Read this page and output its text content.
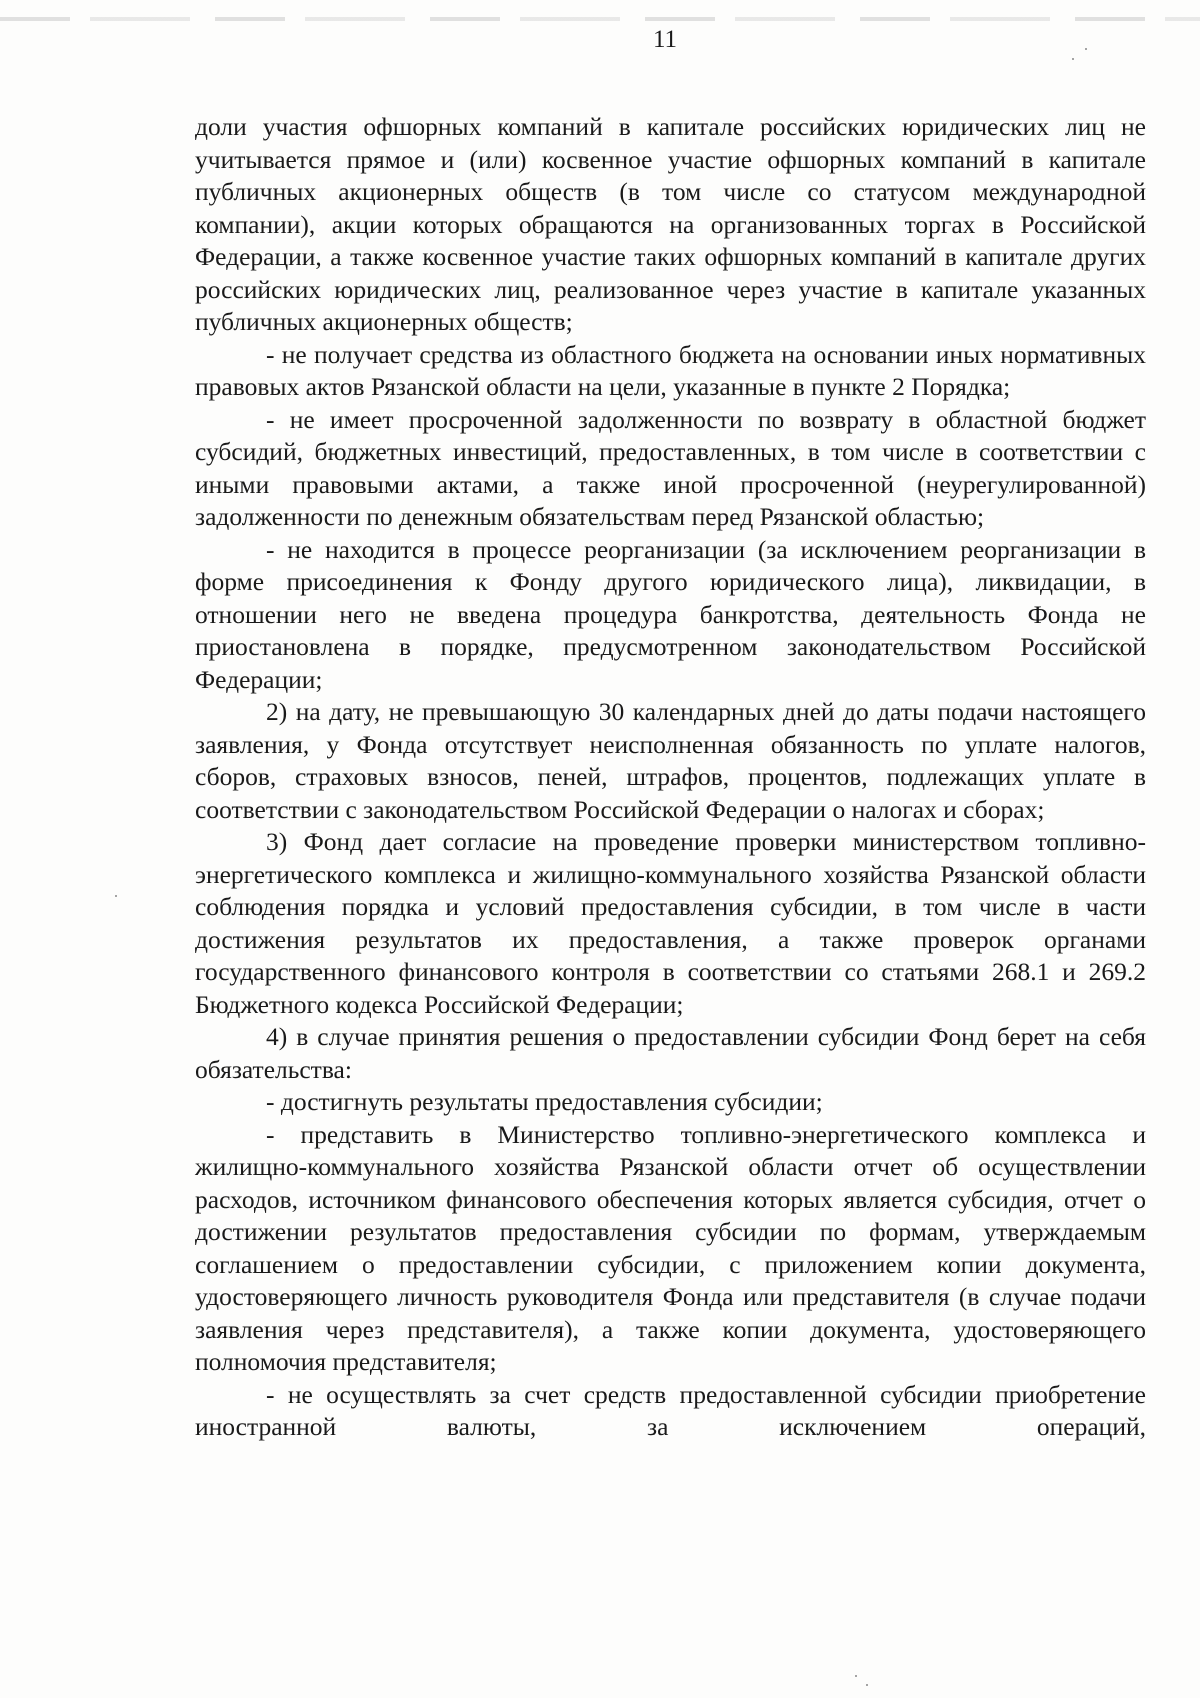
11

доли участия офшорных компаний в капитале российских юридических лиц не учитывается прямое и (или) косвенное участие офшорных компаний в капитале публичных акционерных обществ (в том числе со статусом международной компании), акции которых обращаются на организованных торгах в Российской Федерации, а также косвенное участие таких офшорных компаний в капитале других российских юридических лиц, реализованное через участие в капитале указанных публичных акционерных обществ;

- не получает средства из областного бюджета на основании иных нормативных правовых актов Рязанской области на цели, указанные в пункте 2 Порядка;

- не имеет просроченной задолженности по возврату в областной бюджет субсидий, бюджетных инвестиций, предоставленных, в том числе в соответствии с иными правовыми актами, а также иной просроченной (неурегулированной) задолженности по денежным обязательствам перед Рязанской областью;

- не находится в процессе реорганизации (за исключением реорганизации в форме присоединения к Фонду другого юридического лица), ликвидации, в отношении него не введена процедура банкротства, деятельность Фонда не приостановлена в порядке, предусмотренном законодательством Российской Федерации;

2) на дату, не превышающую 30 календарных дней до даты подачи настоящего заявления, у Фонда отсутствует неисполненная обязанность по уплате налогов, сборов, страховых взносов, пеней, штрафов, процентов, подлежащих уплате в соответствии с законодательством Российской Федерации о налогах и сборах;

3) Фонд дает согласие на проведение проверки министерством топливно-энергетического комплекса и жилищно-коммунального хозяйства Рязанской области соблюдения порядка и условий предоставления субсидии, в том числе в части достижения результатов их предоставления, а также проверок органами государственного финансового контроля в соответствии со статьями 268.1 и 269.2 Бюджетного кодекса Российской Федерации;

4) в случае принятия решения о предоставлении субсидии Фонд берет на себя обязательства:

- достигнуть результаты предоставления субсидии;

- представить в Министерство топливно-энергетического комплекса и жилищно-коммунального хозяйства Рязанской области отчет об осуществлении расходов, источником финансового обеспечения которых является субсидия, отчет о достижении результатов предоставления субсидии по формам, утверждаемым соглашением о предоставлении субсидии, с приложением копии документа, удостоверяющего личность руководителя Фонда или представителя (в случае подачи заявления через представителя), а также копии документа, удостоверяющего полномочия представителя;

- не осуществлять за счет средств предоставленной субсидии приобретение иностранной валюты, за исключением операций,
